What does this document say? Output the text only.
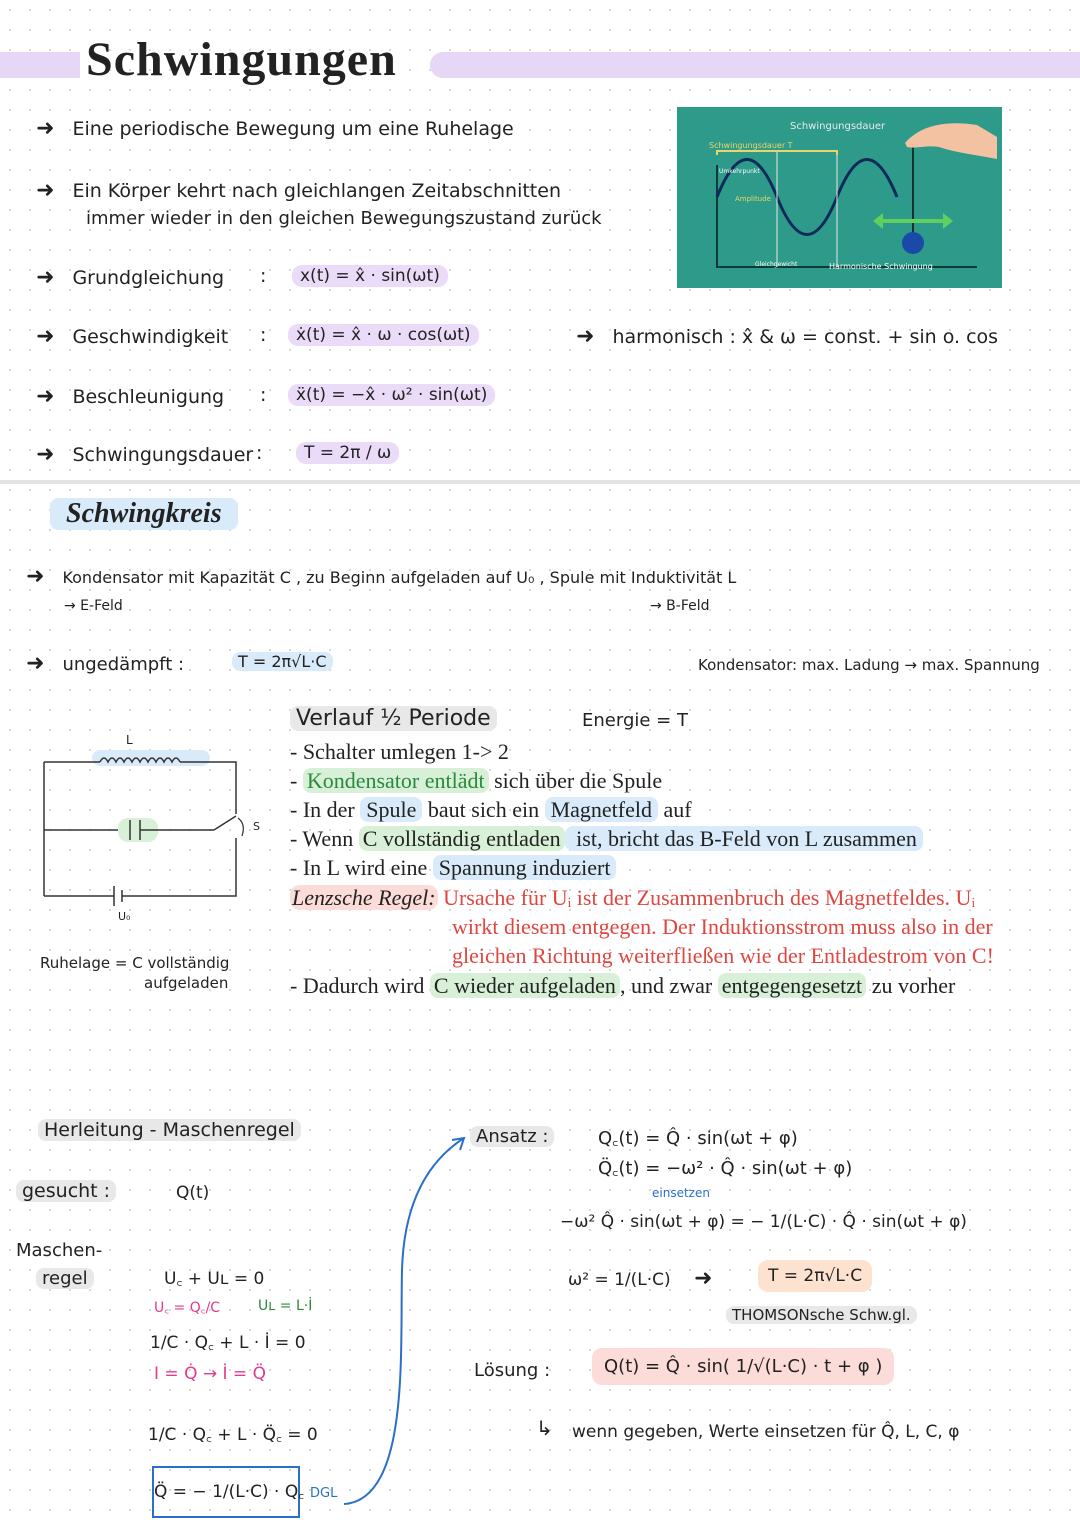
Schwingungen
➜ Eine periodische Bewegung um eine Ruhelage
➜ Ein Körper kehrt nach gleichlangen Zeitabschnitten
immer wieder in den gleichen Bewegungszustand zurück
➜ Grundgleichung :	x(t) = x̂ · sin(ωt)
➜ Geschwindigkeit :	ẋ(t) = x̂ · ω · cos(ωt)
➜ Beschleunigung :	ẍ(t) = −x̂ · ω² · sin(ωt)
➜ Schwingungsdauer :	T = 2π / ω
➜ harmonisch : x̂ & ω = const. + sin o. cos
Schwingungsdauer
Schwingungsdauer T
Umkehrpunkt
Amplitude
Gleichgewicht	Harmonische Schwingung
Schwingkreis
➜ Kondensator mit Kapazität C , zu Beginn aufgeladen auf U₀ , Spule mit Induktivität L
→ E-Feld	→ B-Feld
➜ ungedämpft :	T = 2π√L·C	Kondensator: max. Ladung → max. Spannung
L
S
U₀
Ruhelage = C vollständig
aufgeladen
Verlauf ½ Periode	Energie = T
- Schalter umlegen 1-> 2
- Kondensator entlädt sich über die Spule
- In der Spule baut sich ein Magnetfeld auf
- Wenn C vollständig entladen ist, bricht das B-Feld von L zusammen
- In L wird eine Spannung induziert
Lenzsche Regel: Ursache für Uᵢ ist der Zusammenbruch des Magnetfeldes. Uᵢ
wirkt diesem entgegen. Der Induktionsstrom muss also in der
gleichen Richtung weiterfließen wie der Entladestrom von C!
- Dadurch wird C wieder aufgeladen , und zwar entgegengesetzt zu vorher
Herleitung - Maschenregel
gesucht :	Q(t)
Maschen-
regel	U꜀ + Uʟ = 0
U꜀ = Q꜀/C	Uʟ = L·İ
1/C · Q꜀ + L · İ = 0
I = Q̇ → İ = Q̈
1/C · Q꜀ + L · Q̈꜀ = 0
Q̈ = − 1/(L·C) · Q꜀ DGL
Ansatz :	Q꜀(t) = Q̂ · sin(ωt + φ)
Q̈꜀(t) = −ω² · Q̂ · sin(ωt + φ)
einsetzen
−ω² Q̂ · sin(ωt + φ) = − 1/(L·C) · Q̂ · sin(ωt + φ)
ω² = 1/(L·C) ➜	T = 2π√L·C
THOMSONsche Schw.gl.
Lösung :	Q(t) = Q̂ · sin( 1/√(L·C) · t + φ )
↳ wenn gegeben, Werte einsetzen für Q̂, L, C, φ
